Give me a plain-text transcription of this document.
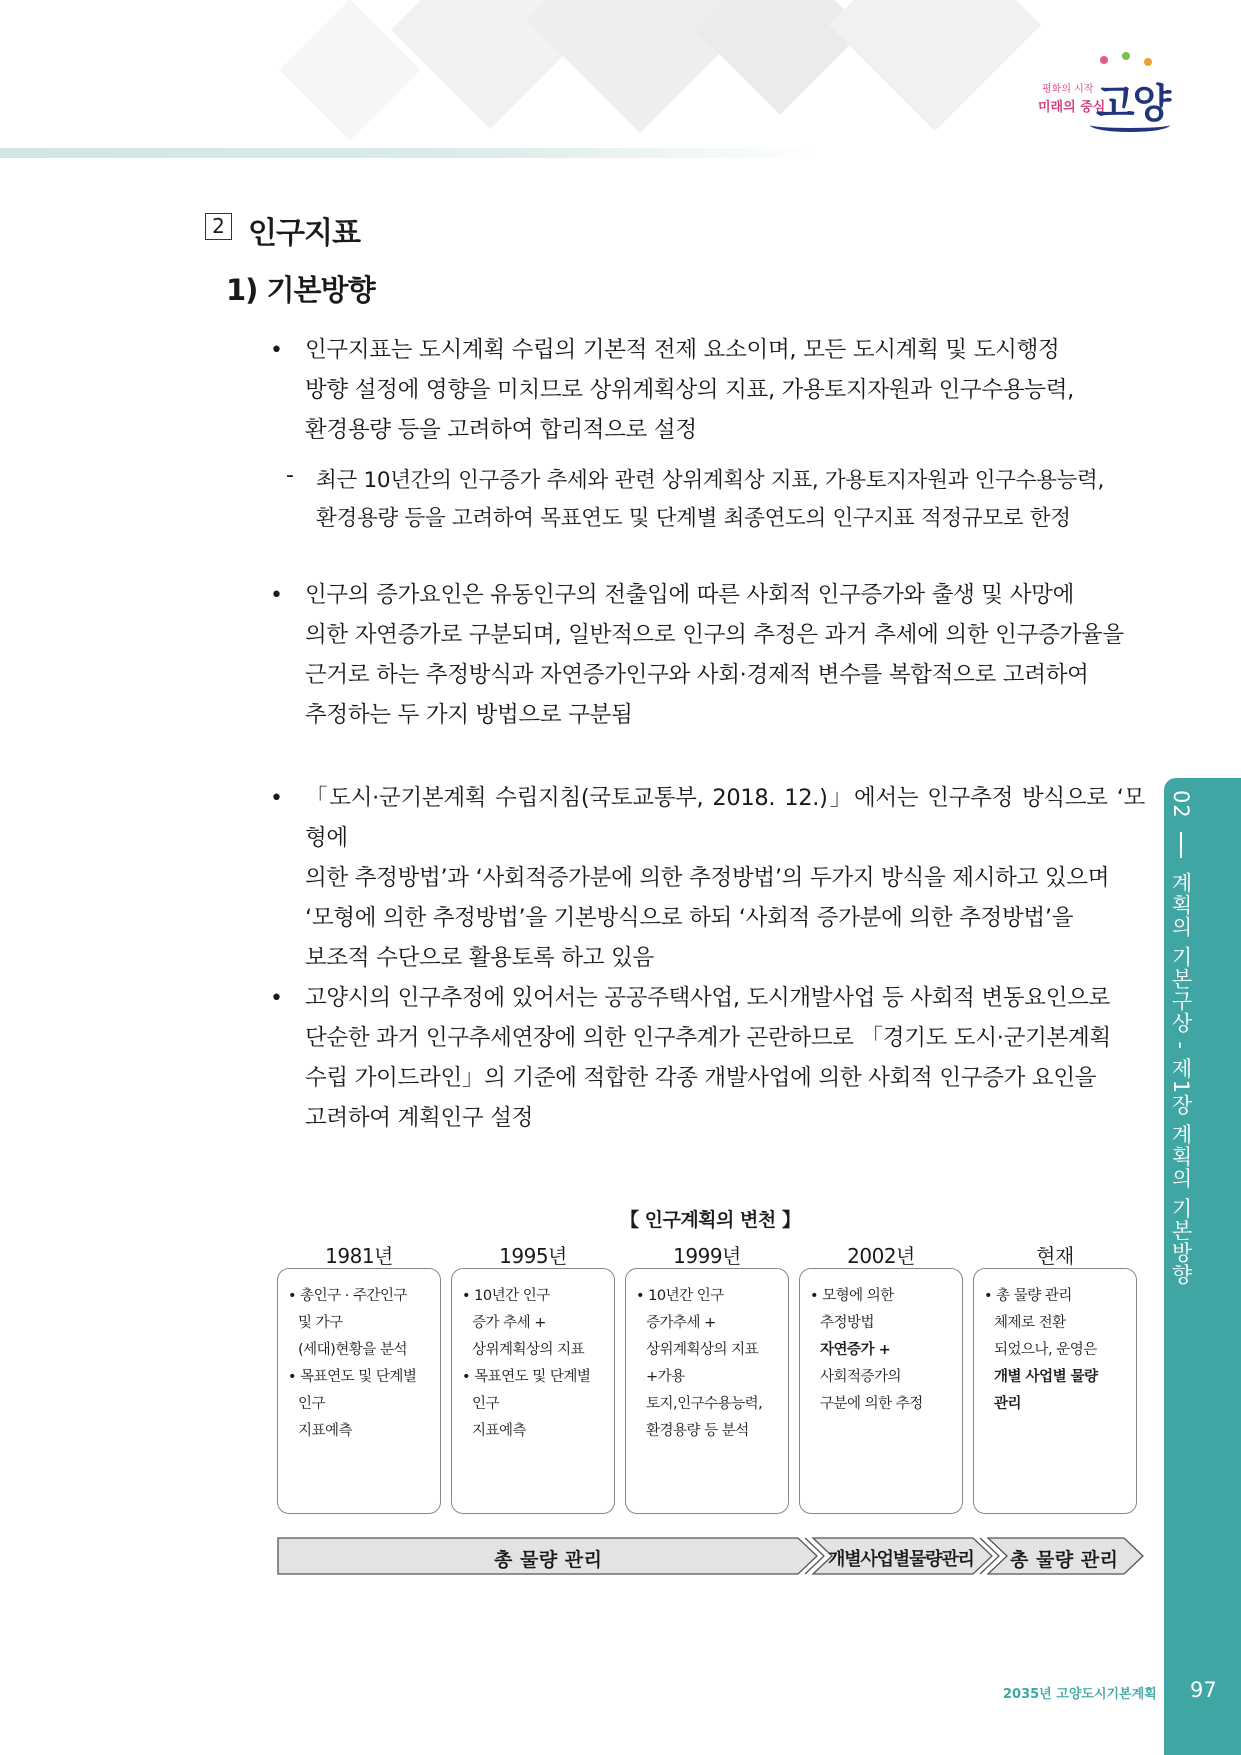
평화의 시작
미래의 중심
고양
2 인구지표
1) 기본방향
• 인구지표는 도시계획 수립의 기본적 전제 요소이며, 모든 도시계획 및 도시행정
방향 설정에 영향을 미치므로 상위계획상의 지표, 가용토지자원과 인구수용능력,
환경용량 등을 고려하여 합리적으로 설정
- 최근 10년간의 인구증가 추세와 관련 상위계획상 지표, 가용토지자원과 인구수용능력,
환경용량 등을 고려하여 목표연도 및 단계별 최종연도의 인구지표 적정규모로 한정
• 인구의 증가요인은 유동인구의 전출입에 따른 사회적 인구증가와 출생 및 사망에
의한 자연증가로 구분되며, 일반적으로 인구의 추정은 과거 추세에 의한 인구증가율을
근거로 하는 추정방식과 자연증가인구와 사회·경제적 변수를 복합적으로 고려하여
추정하는 두 가지 방법으로 구분됨
• 「도시·군기본계획 수립지침(국토교통부, 2018. 12.)」에서는 인구추정 방식으로 ‘모형에
의한 추정방법’과 ‘사회적증가분에 의한 추정방법’의 두가지 방식을 제시하고 있으며
‘모형에 의한 추정방법’을 기본방식으로 하되 ‘사회적 증가분에 의한 추정방법’을
보조적 수단으로 활용토록 하고 있음
• 고양시의 인구추정에 있어서는 공공주택사업, 도시개발사업 등 사회적 변동요인으로
단순한 과거 인구추세연장에 의한 인구추계가 곤란하므로 「경기도 도시·군기본계획
수립 가이드라인」의 기준에 적합한 각종 개발사업에 의한 사회적 인구증가 요인을
고려하여 계획인구 설정
【 인구계획의 변천 】
1981년	1995년	1999년	2002년	현재
• 총인구 · 주간인구
및 가구
(세대)현황을 분석
• 목표연도 및 단계별
인구
지표예측
• 10년간 인구
증가 추세 +
상위계획상의 지표
• 목표연도 및 단계별
인구
지표예측
• 10년간 인구
증가추세 +
상위계획상의 지표
+가용
토지,인구수용능력,
환경용량 등 분석
• 모형에 의한
추정방법
자연증가 +
사회적증가의
구분에 의한 추정
• 총 물량 관리
체제로 전환
되었으나, 운영은
개별 사업별 물량
관리
총 물량 관리	개별사업별물량관리 총 물량 관리
02  계획의 기본구상 - 제1장 계획의 기본방향
2035년 고양도시기본계획 97
